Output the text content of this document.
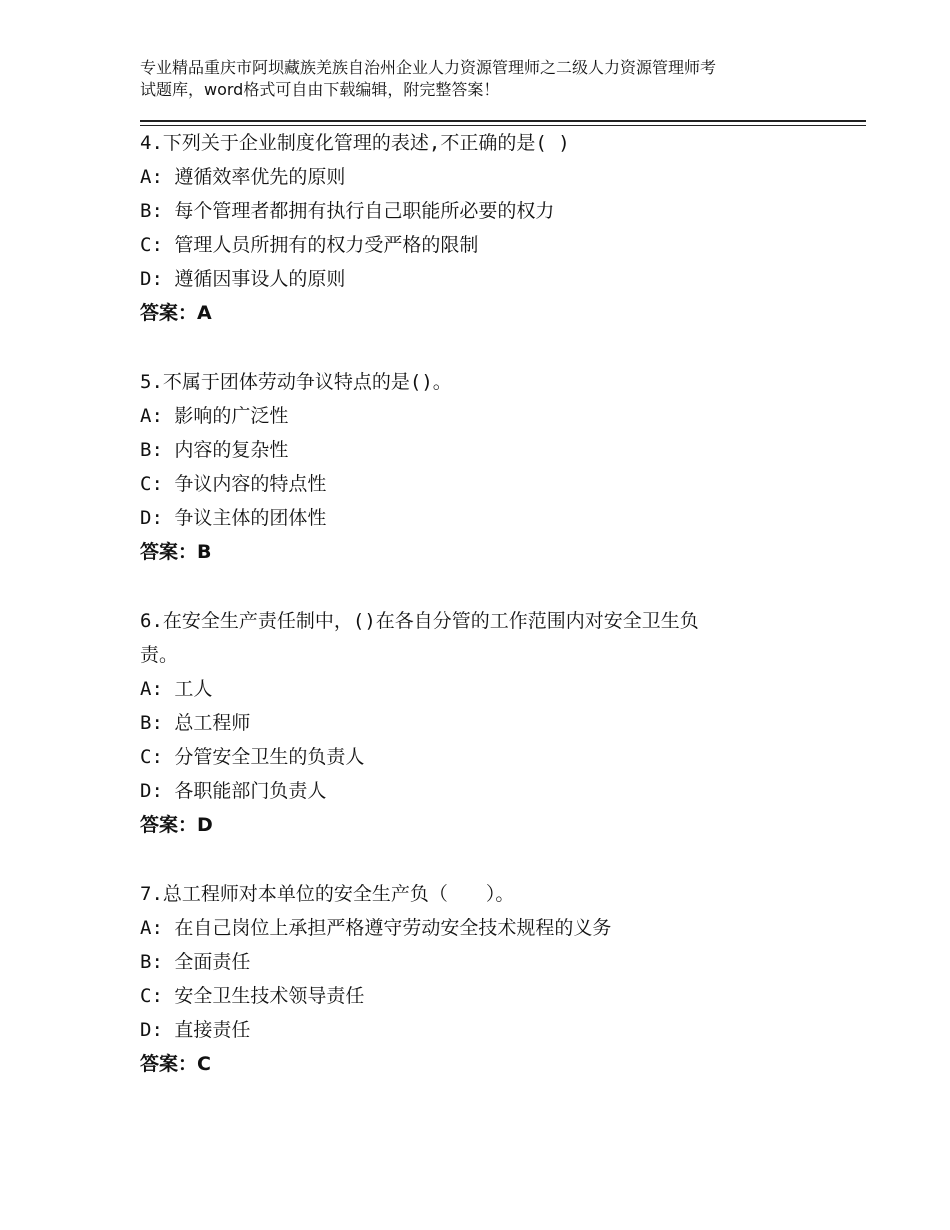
专业精品重庆市阿坝藏族羌族自治州企业人力资源管理师之二级人力资源管理师考
试题库，word格式可自由下载编辑，附完整答案！
4.下列关于企业制度化管理的表述,不正确的是( )
A: 遵循效率优先的原则
B: 每个管理者都拥有执行自己职能所必要的权力
C: 管理人员所拥有的权力受严格的限制
D: 遵循因事设人的原则
答案：A
5.不属于团体劳动争议特点的是()。
A: 影响的广泛性
B: 内容的复杂性
C: 争议内容的特点性
D: 争议主体的团体性
答案：B
6.在安全生产责任制中，()在各自分管的工作范围内对安全卫生负
责。
A: 工人
B: 总工程师
C: 分管安全卫生的负责人
D: 各职能部门负责人
答案：D
7.总工程师对本单位的安全生产负（　　）。
A: 在自己岗位上承担严格遵守劳动安全技术规程的义务
B: 全面责任
C: 安全卫生技术领导责任
D: 直接责任
答案：C
